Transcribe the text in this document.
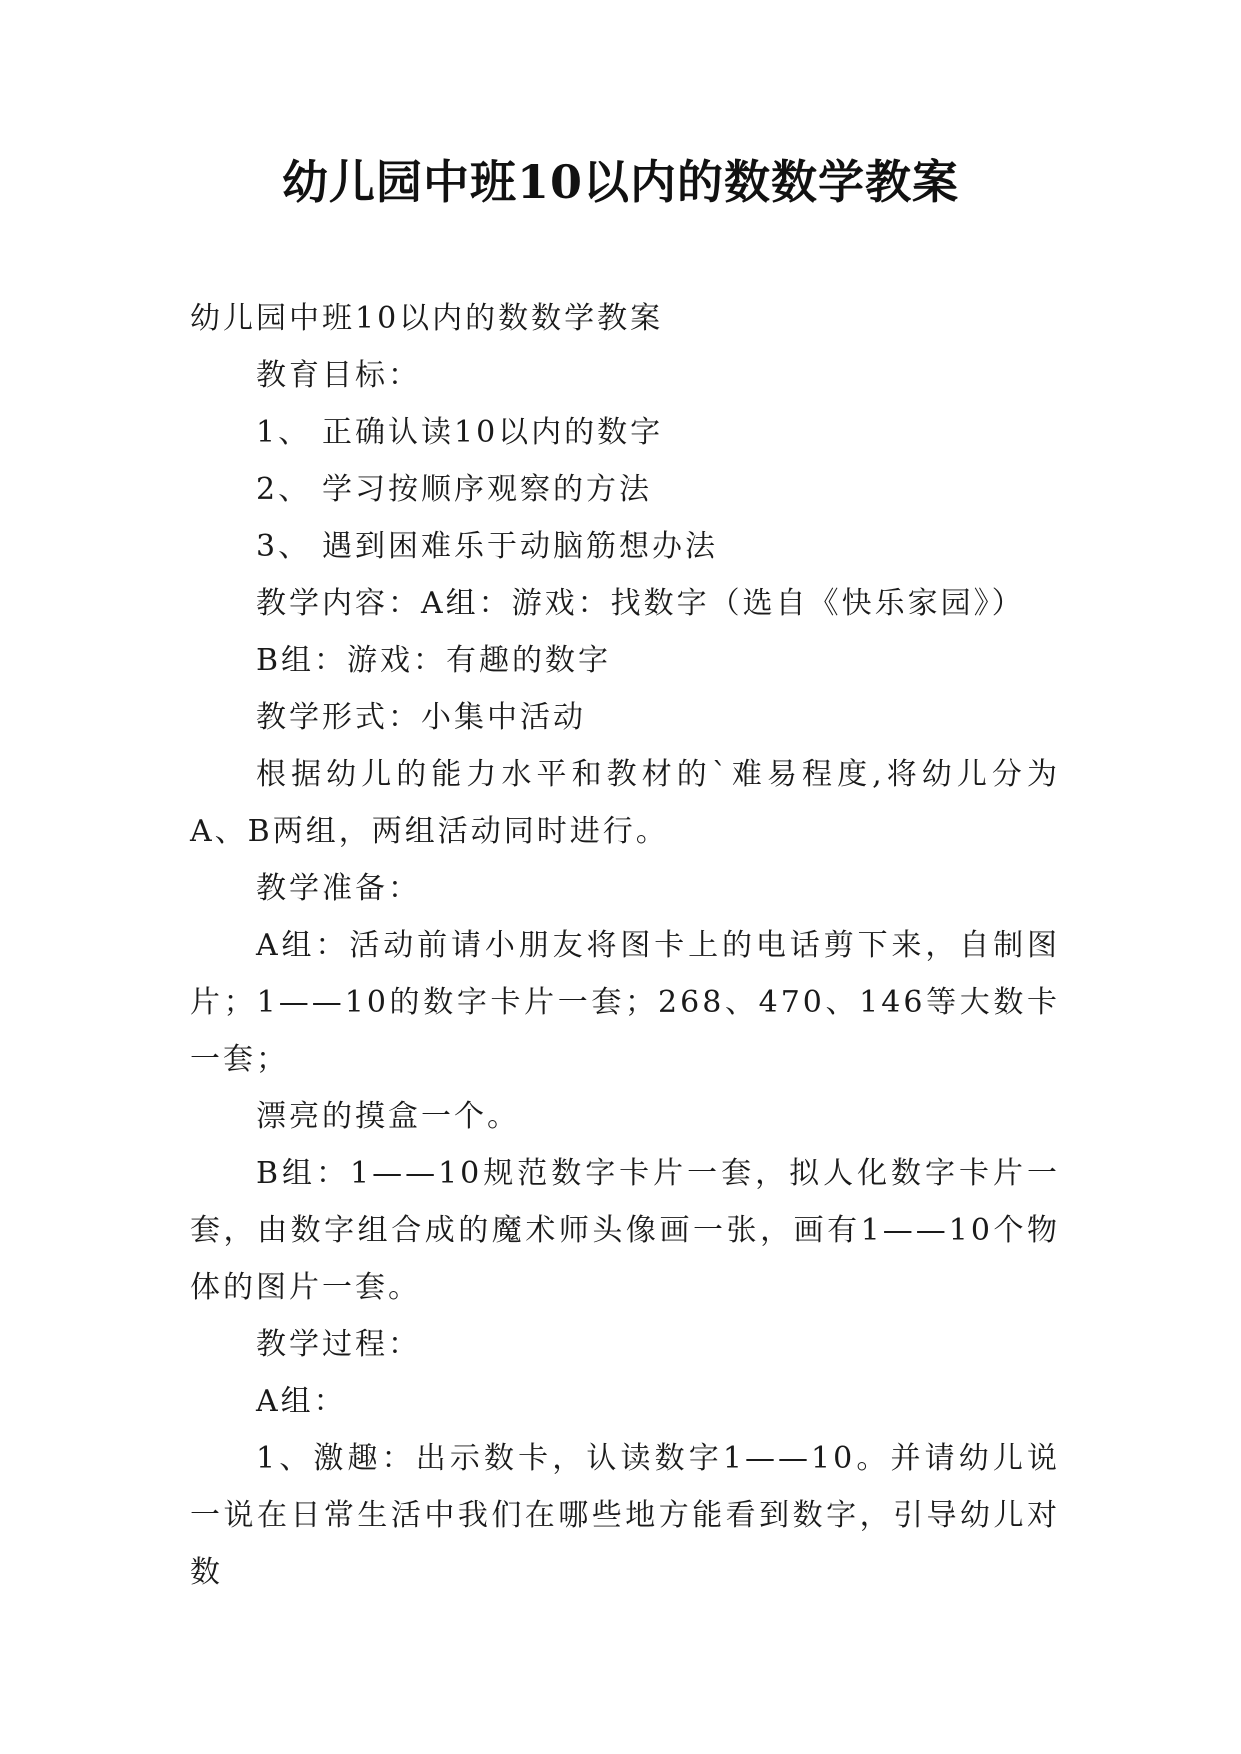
幼儿园中班10以内的数数学教案

幼儿园中班10以内的数数学教案

教育目标：

1、 正确认读10以内的数字

2、 学习按顺序观察的方法

3、 遇到困难乐于动脑筋想办法

教学内容：A组：游戏：找数字（选自《快乐家园》）

B组：游戏：有趣的数字

教学形式：小集中活动

根据幼儿的能力水平和教材的`难易程度,将幼儿分为A、B两组，两组活动同时进行。

教学准备：

A组：活动前请小朋友将图卡上的电话剪下来，自制图片；1——10的数字卡片一套；268、470、146等大数卡一套；

漂亮的摸盒一个。

B组：1——10规范数字卡片一套，拟人化数字卡片一套，由数字组合成的魔术师头像画一张，画有1——10个物体的图片一套。

教学过程：

A组：

1、激趣：出示数卡，认读数字1——10。并请幼儿说一说在日常生活中我们在哪些地方能看到数字，引导幼儿对数
